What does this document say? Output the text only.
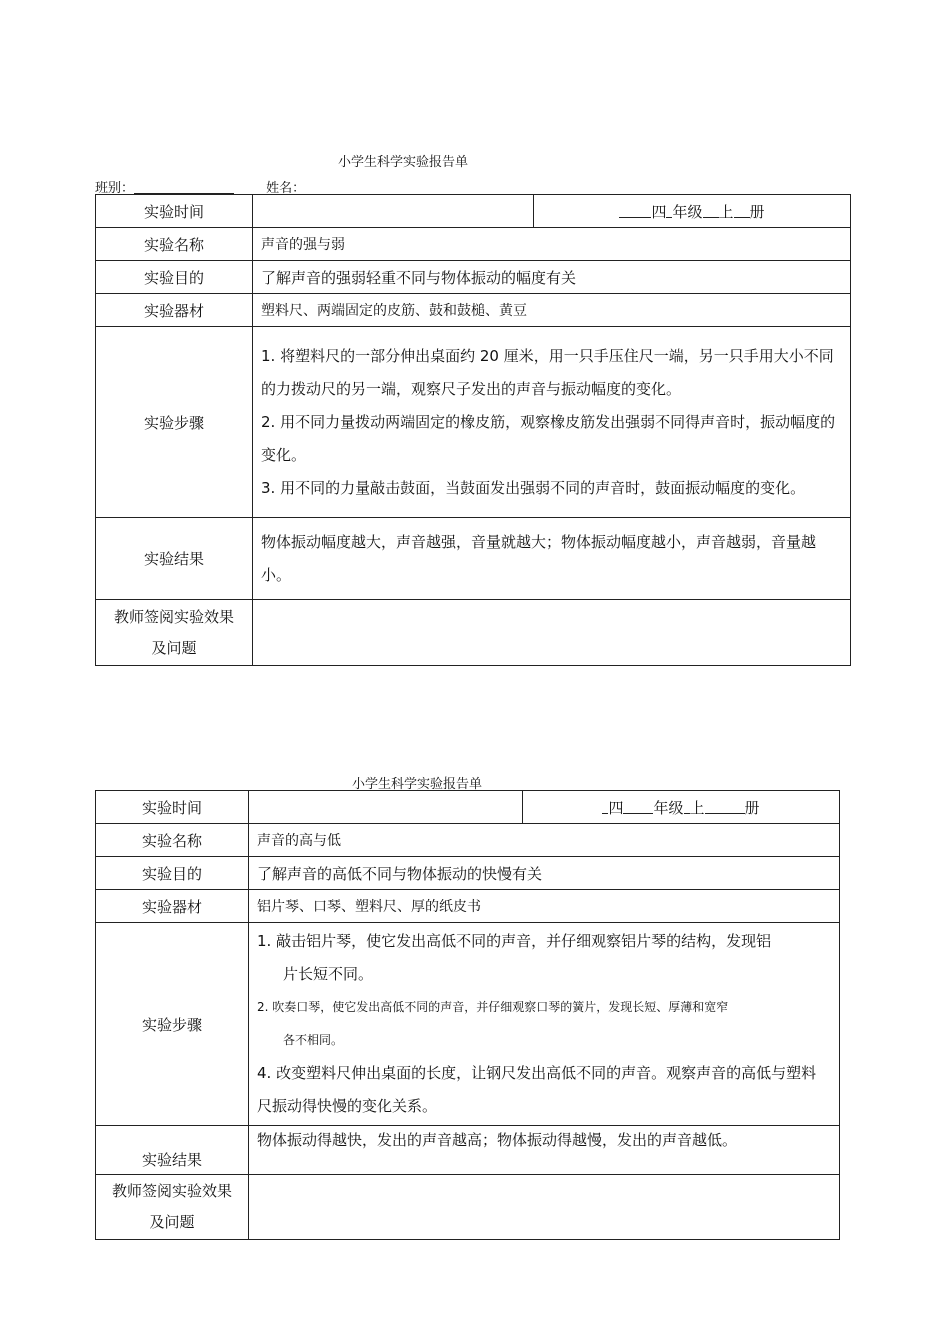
小学生科学实验报告单
班别：	姓名：
实验时间		四 年级 上 册
实验名称	声音的强与弱	
实验目的	了解声音的强弱轻重不同与物体振动的幅度有关	
实验器材	塑料尺、两端固定的皮筋、鼓和鼓槌、黄豆	
实验步骤	1. 将塑料尺的一部分伸出桌面约 20 厘米，用一只手压住尺一端，另一只手用大小不同的力拨动尺的另一端，观察尺子发出的声音与振动幅度的变化。
2. 用不同力量拨动两端固定的橡皮筋，观察橡皮筋发出强弱不同得声音时，振动幅度的变化。
3. 用不同的力量敲击鼓面，当鼓面发出强弱不同的声音时，鼓面振动幅度的变化。	

实验结果	物体振动幅度越大，声音越强，音量就越大；物体振动幅度越小，声音越弱，音量越小。	

教师签阅实验效果
及问题		

小学生科学实验报告单
实验时间		四 年级 上 册
实验名称	声音的高与低	
实验目的	了解声音的高低不同与物体振动的快慢有关	
实验器材	铝片琴、口琴、塑料尺、厚的纸皮书	
实验步骤	1. 敲击铝片琴，使它发出高低不同的声音，并仔细观察铝片琴的结构，发现铝
片长短不同。
2. 吹奏口琴，使它发出高低不同的声音，并仔细观察口琴的簧片，发现长短、厚薄和宽窄
各不相同。
4. 改变塑料尺伸出桌面的长度，让钢尺发出高低不同的声音。观察声音的高低与塑料尺振动得快慢的变化关系。	

实验结果	物体振动得越快，发出的声音越高；物体振动得越慢，发出的声音越低。	

教师签阅实验效果
及问题		
